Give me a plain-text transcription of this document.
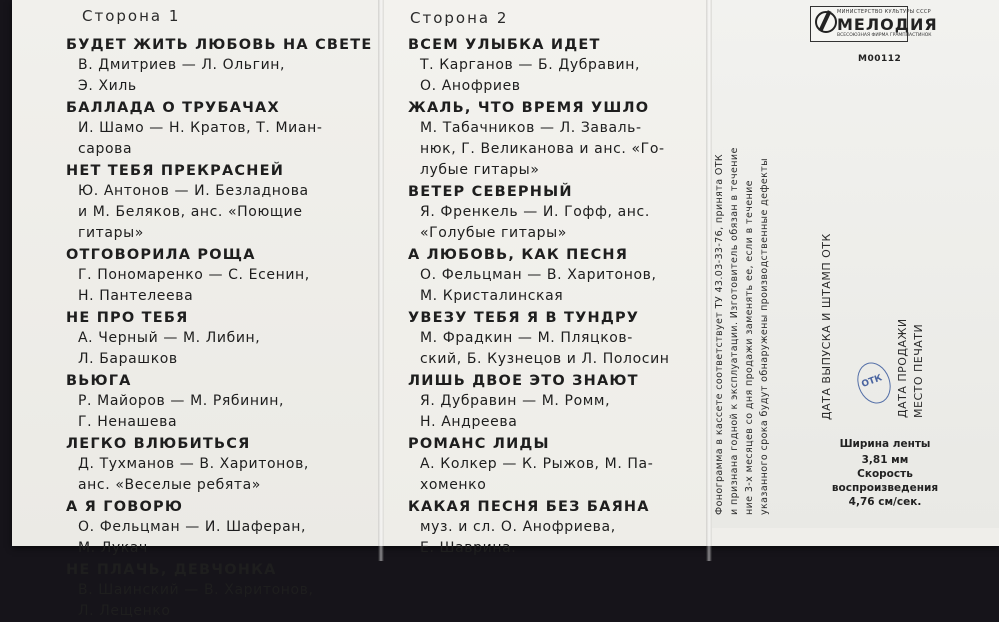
Сторона 1
БУДЕТ ЖИТЬ ЛЮБОВЬ НА СВЕТЕ
В. Дмитриев — Л. Ольгин,
Э. Хиль
БАЛЛАДА О ТРУБАЧАХ
И. Шамо — Н. Кратов, Т. Миан-
сарова
НЕТ ТЕБЯ ПРЕКРАСНЕЙ
Ю. Антонов — И. Безладнова
и М. Беляков, анс. «Поющие
гитары»
ОТГОВОРИЛА РОЩА
Г. Пономаренко — С. Есенин,
Н. Пантелеева
НЕ ПРО ТЕБЯ
А. Черный — М. Либин,
Л. Барашков
ВЬЮГА
Р. Майоров — М. Рябинин,
Г. Ненашева
ЛЕГКО ВЛЮБИТЬСЯ
Д. Тухманов — В. Харитонов,
анс. «Веселые ребята»
А Я ГОВОРЮ
О. Фельцман — И. Шаферан,
М. Лукач
НЕ ПЛАЧЬ, ДЕВЧОНКА
В. Шаинский — В. Харитонов,
Л. Лещенко
Сторона 2
ВСЕМ УЛЫБКА ИДЕТ
Т. Карганов — Б. Дубравин,
О. Анофриев
ЖАЛЬ, ЧТО ВРЕМЯ УШЛО
М. Табачников — Л. Заваль-
нюк, Г. Великанова и анс. «Го-
лубые гитары»
ВЕТЕР СЕВЕРНЫЙ
Я. Френкель — И. Гофф, анс.
«Голубые гитары»
А ЛЮБОВЬ, КАК ПЕСНЯ
О. Фельцман — В. Харитонов,
М. Кристалинская
УВЕЗУ ТЕБЯ Я В ТУНДРУ
М. Фрадкин — М. Пляцков-
ский, Б. Кузнецов и Л. Полосин
ЛИШЬ ДВОЕ ЭТО ЗНАЮТ
Я. Дубравин — М. Ромм,
Н. Андреева
РОМАНС ЛИДЫ
А. Колкер — К. Рыжов, М. Па-
хоменко
КАКАЯ ПЕСНЯ БЕЗ БАЯНА
муз. и сл. О. Анофриева,
Е. Шаврина.
МИНИСТЕРСТВО КУЛЬТУРЫ СССР
МЕЛОДИЯ
ВСЕСОЮЗНАЯ ФИРМА ГРАМПЛАСТИНОК
М00112
Фонограмма в кассете соответствует ТУ 43.03-33-76, принята ОТК и признана годной к эксплуатации. Изготовитель обязан в течение ние 3-х месяцев со дня продажи заменять ее, если в течение указанного срока будут обнаружены производственные дефекты	ДАТА ВЫПУСКА И ШТАМП ОТК	ДАТА ПРОДАЖИ МЕСТО ПЕЧАТИ
ОТК
Ширина ленты
3,81 мм
Скорость
воспроизведения
4,76 см/сек.
